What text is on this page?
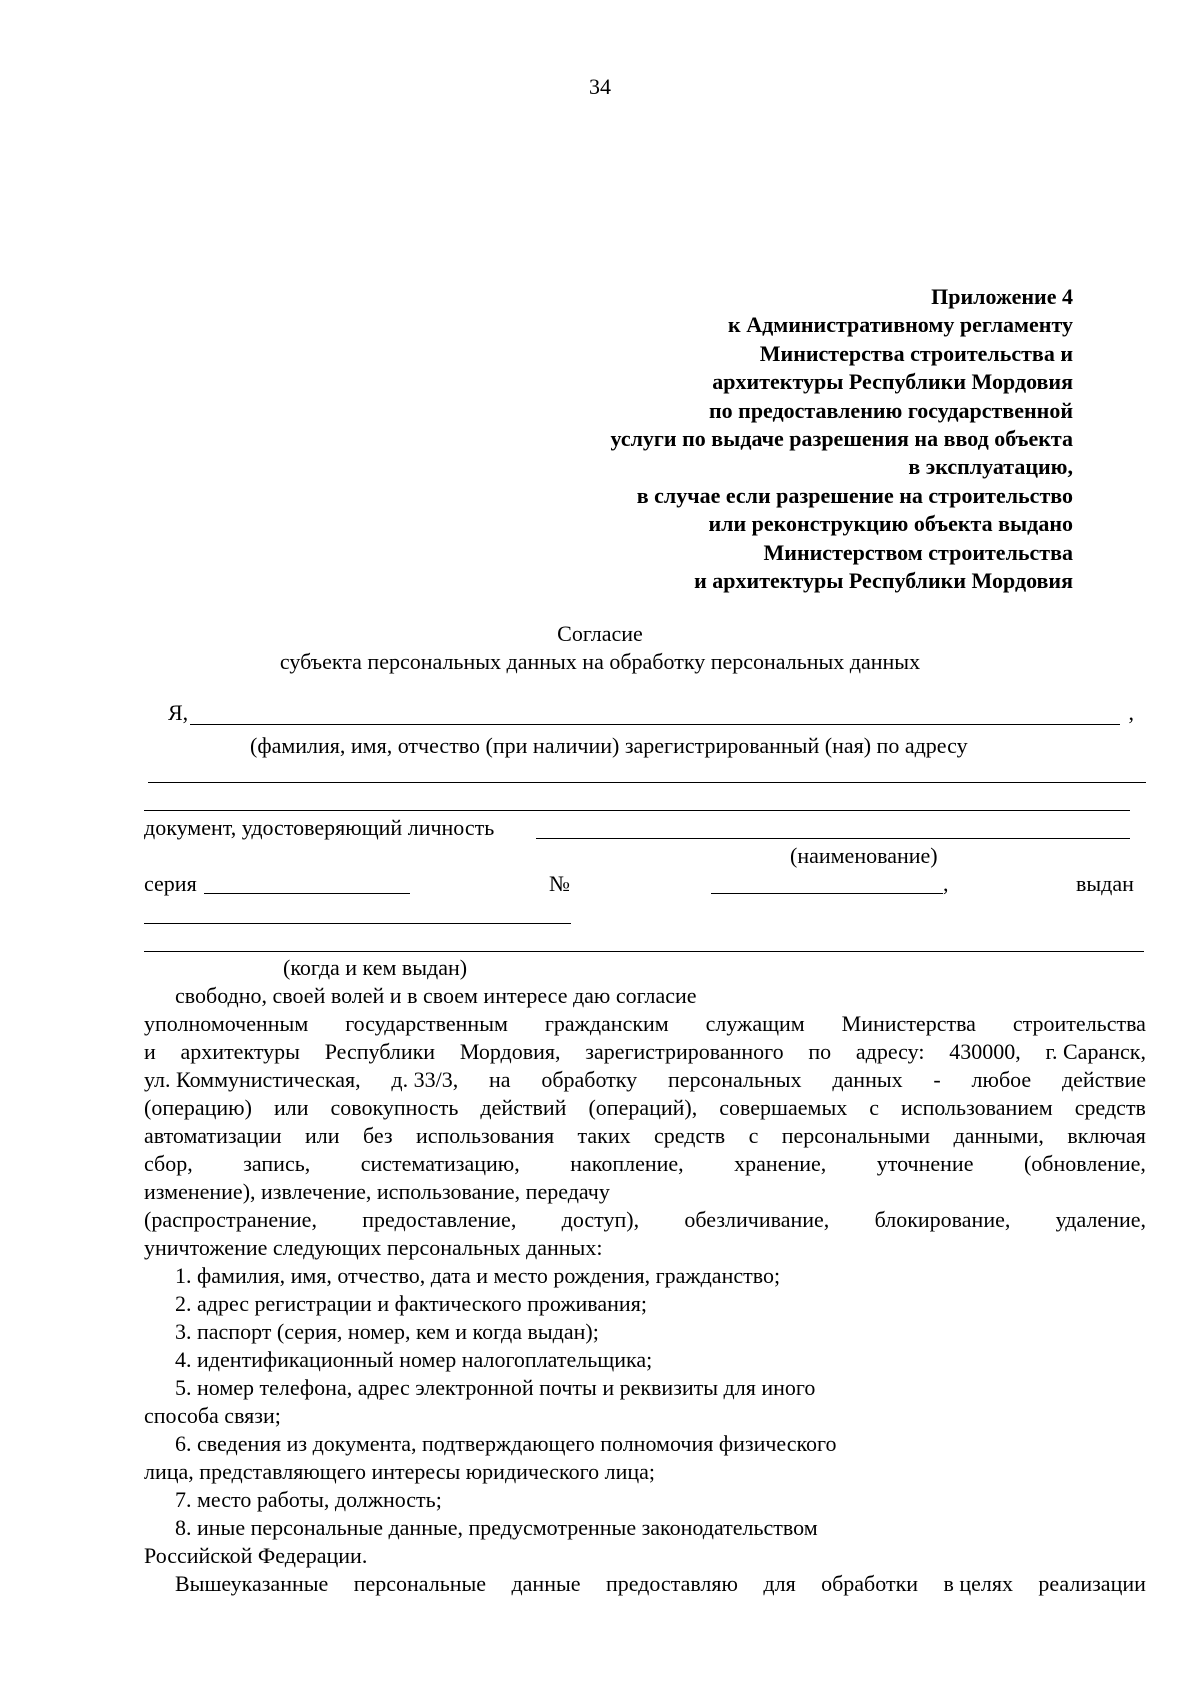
34
Приложение 4
к Административному регламенту
Министерства строительства и
архитектуры Республики Мордовия
по предоставлению государственной
услуги по выдаче разрешения на ввод объекта
в эксплуатацию,
в случае если разрешение на строительство
или реконструкцию объекта выдано
Министерством строительства
и архитектуры Республики Мордовия
Согласие
субъекта персональных данных на обработку персональных данных
Я,	,
(фамилия, имя, отчество (при наличии) зарегистрированный (ная) по адресу
документ, удостоверяющий личность
(наименование)
серия	№	,	выдан
(когда и кем выдан)
свободно, своей волей и в своем интересе даю согласие
уполномоченным государственным гражданским служащим Министерства строительства
и архитектуры Республики Мордовия, зарегистрированного по адресу: 430000, г. Саранск,
ул. Коммунистическая, д. 33/3, на обработку персональных данных - любое действие
(операцию) или совокупность действий (операций), совершаемых с использованием средств
автоматизации или без использования таких средств с персональными данными, включая
сбор, запись, систематизацию, накопление, хранение, уточнение (обновление,
изменение), извлечение, использование, передачу
(распространение, предоставление, доступ), обезличивание, блокирование, удаление,
уничтожение следующих персональных данных:
1. фамилия, имя, отчество, дата и место рождения, гражданство;
2. адрес регистрации и фактического проживания;
3. паспорт (серия, номер, кем и когда выдан);
4. идентификационный номер налогоплательщика;
5. номер телефона, адрес электронной почты и реквизиты для иного
способа связи;
6. сведения из документа, подтверждающего полномочия физического
лица, представляющего интересы юридического лица;
7. место работы, должность;
8. иные персональные данные, предусмотренные законодательством
Российской Федерации.
Вышеуказанные персональные данные предоставляю для обработки в целях реализации
